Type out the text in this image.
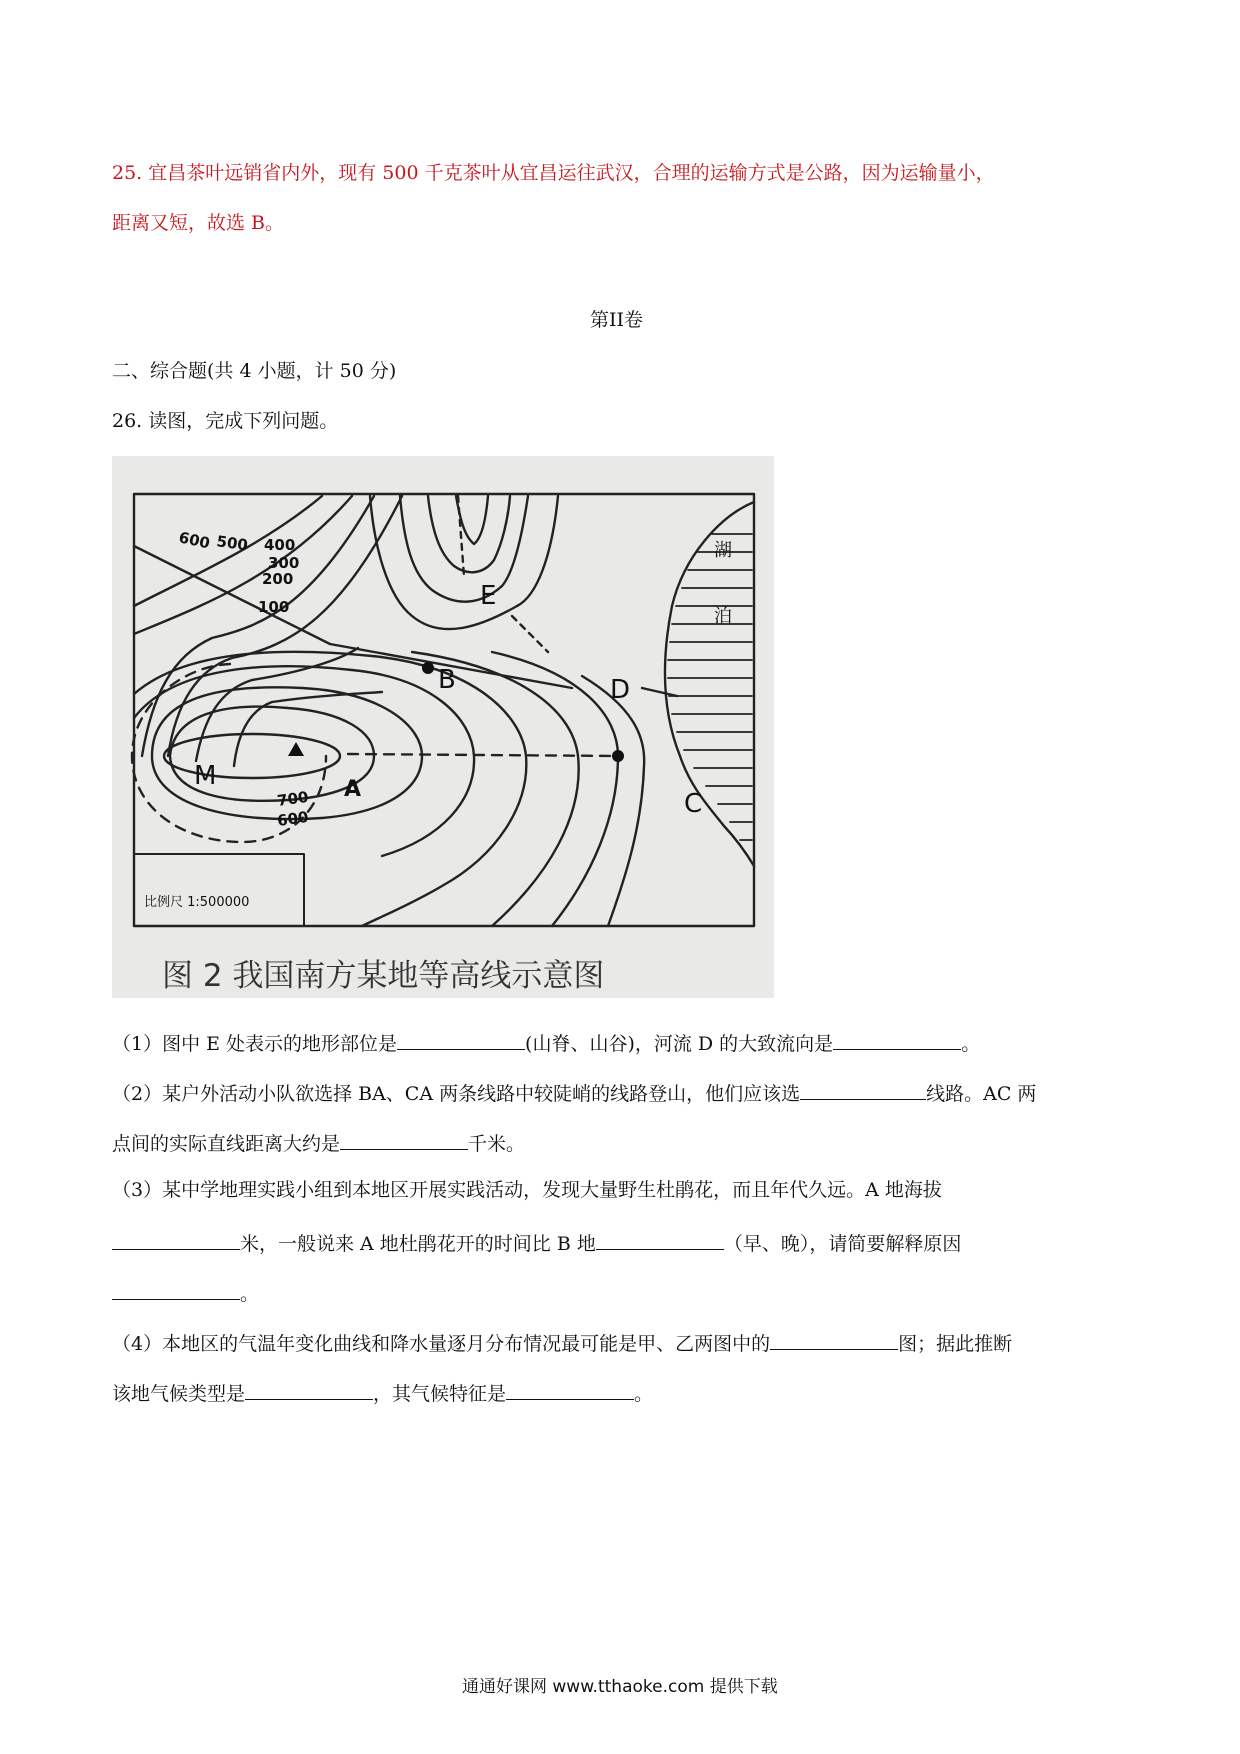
25. 宜昌茶叶远销省内外，现有 500 千克茶叶从宜昌运往武汉，合理的运输方式是公路，因为运输量小，
距离又短，故选 B。
第II卷
二、综合题(共 4 小题，计 50 分)
26. 读图，完成下列问题。
600 500 400
300
200
100
700
600
E
B	D
M	A	C
湖
泊
比例尺 1:500000
图 2 我国南方某地等高线示意图
（1）图中 E 处表示的地形部位是	(山脊、山谷)，河流 D 的大致流向是	。
（2）某户外活动小队欲选择 BA、CA 两条线路中较陡峭的线路登山，他们应该选	线路。AC 两
点间的实际直线距离大约是	千米。
（3）某中学地理实践小组到本地区开展实践活动，发现大量野生杜鹃花，而且年代久远。A 地海拔
米，一般说来 A 地杜鹃花开的时间比 B 地	（早、晚），请简要解释原因
。
（4）本地区的气温年变化曲线和降水量逐月分布情况最可能是甲、乙两图中的	图；据此推断
该地气候类型是	，其气候特征是	。
通通好课网 www.tthaoke.com 提供下载
